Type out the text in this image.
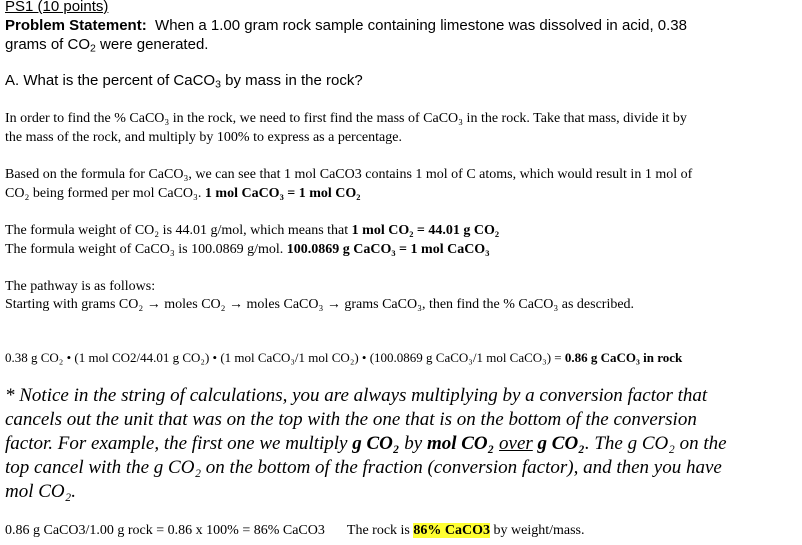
PS1 (10 points)
Problem Statement: When a 1.00 gram rock sample containing limestone was dissolved in acid, 0.38
grams of $CO_2$ were generated.
A. What is the percent of CaCO$_3$ by mass in the rock?
In order to find the % CaCO₃ in the rock, we need to first find the mass of CaCO₃ in the rock. Take that mass, divide it by
the mass of the rock, and multiply by 100% to express as a percentage.
Based on the formula for CaCO₃, we can see that 1 mol CaCO3 contains 1 mol of C atoms, which would result in 1 mol of
CO₂ being formed per mol CaCO₃. 1 mol CaCO₃ = 1 mol CO₂
The formula weight of CO₂ is 44.01 g/mol, which means that 1 mol CO₂ = 44.01 g CO₂
The formula weight of CaCO₃ is 100.0869 g/mol. 100.0869 g CaCO₃ = 1 mol CaCO₃
The pathway is as follows:
Starting with grams CO₂ → moles CO₂ → moles CaCO₃ → grams CaCO₃, then find the % CaCO₃ as described.
0.38 g CO₂ • (1 mol CO2/44.01 g CO₂) • (1 mol CaCO₃/1 mol CO₂) • (100.0869 g CaCO₃/1 mol CaCO₃) = 0.86 g CaCO₃ in rock
* Notice in the string of calculations, you are always multiplying by a conversion factor that
cancels out the unit that was on the top with the one that is on the bottom of the conversion
factor. For example, the first one we multiply g CO₂ by mol CO₂ over g CO₂. The g CO₂ on the
top cancel with the g CO₂ on the bottom of the fraction (conversion factor), and then you have
mol CO₂.
0.86 g CaCO3/1.00 g rock = 0.86 x 100% = 86% CaCO3 The rock is 86% CaCO3 by weight/mass.
